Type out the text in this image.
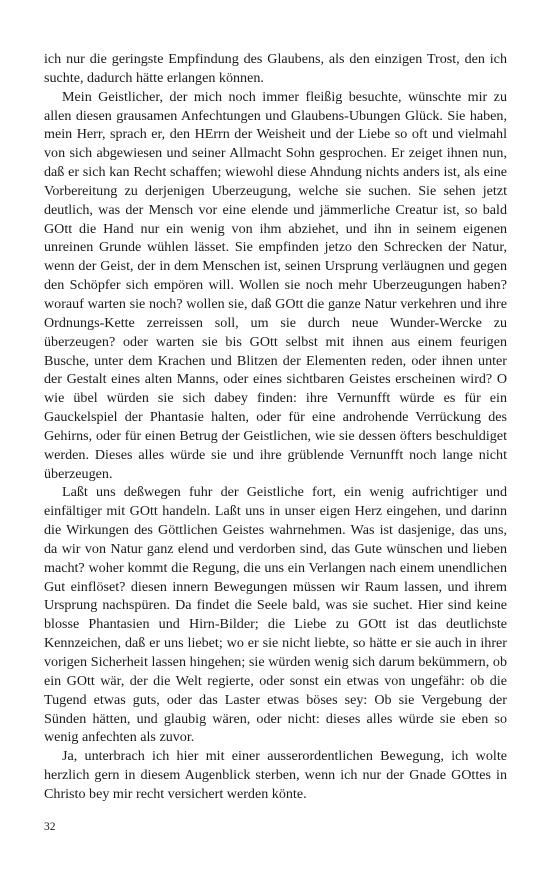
ich nur die geringste Empfindung des Glaubens, als den einzigen Trost, den ich suchte, dadurch hätte erlangen können.

Mein Geistlicher, der mich noch immer fleißig besuchte, wünschte mir zu allen diesen grausamen Anfechtungen und Glaubens-Ubungen Glück. Sie haben, mein Herr, sprach er, den HErrn der Weisheit und der Liebe so oft und vielmahl von sich abgewiesen und seiner Allmacht Sohn gesprochen. Er zeiget ihnen nun, daß er sich kan Recht schaffen; wiewohl diese Ahndung nichts anders ist, als eine Vorbereitung zu derjenigen Uberzeugung, welche sie suchen. Sie sehen jetzt deutlich, was der Mensch vor eine elende und jämmerliche Creatur ist, so bald GOtt die Hand nur ein wenig von ihm abziehet, und ihn in seinem eigenen unreinen Grunde wühlen lässet. Sie empfinden jetzo den Schrecken der Natur, wenn der Geist, der in dem Menschen ist, seinen Ursprung verläugnen und gegen den Schöpfer sich empören will. Wollen sie noch mehr Uberzeugungen haben? worauf warten sie noch? wollen sie, daß GOtt die ganze Natur verkehren und ihre Ordnungs-Kette zerreissen soll, um sie durch neue Wunder-Wercke zu überzeugen? oder warten sie bis GOtt selbst mit ihnen aus einem feurigen Busche, unter dem Krachen und Blitzen der Elementen reden, oder ihnen unter der Gestalt eines alten Manns, oder eines sichtbaren Geistes erscheinen wird? O wie übel würden sie sich dabey finden: ihre Vernunfft würde es für ein Gauckelspiel der Phantasie halten, oder für eine androhende Verrückung des Gehirns, oder für einen Betrug der Geistlichen, wie sie dessen öfters beschuldiget werden. Dieses alles würde sie und ihre grüblende Vernunfft noch lange nicht überzeugen.

Laßt uns deßwegen fuhr der Geistliche fort, ein wenig aufrichtiger und einfältiger mit GOtt handeln. Laßt uns in unser eigen Herz eingehen, und darinn die Wirkungen des Göttlichen Geistes wahrnehmen. Was ist dasjenige, das uns, da wir von Natur ganz elend und verdorben sind, das Gute wünschen und lieben macht? woher kommt die Regung, die uns ein Verlangen nach einem unendlichen Gut einflöset? diesen innern Bewegungen müssen wir Raum lassen, und ihrem Ursprung nachspüren. Da findet die Seele bald, was sie suchet. Hier sind keine blosse Phantasien und Hirn-Bilder; die Liebe zu GOtt ist das deutlichste Kennzeichen, daß er uns liebet; wo er sie nicht liebte, so hätte er sie auch in ihrer vorigen Sicherheit lassen hingehen; sie würden wenig sich darum bekümmern, ob ein GOtt wär, der die Welt regierte, oder sonst ein etwas von ungefähr: ob die Tugend etwas guts, oder das Laster etwas böses sey: Ob sie Vergebung der Sünden hätten, und glaubig wären, oder nicht: dieses alles würde sie eben so wenig anfechten als zuvor.

Ja, unterbrach ich hier mit einer ausserordentlichen Bewegung, ich wolte herzlich gern in diesem Augenblick sterben, wenn ich nur der Gnade GOttes in Christo bey mir recht versichert werden könte.

32
